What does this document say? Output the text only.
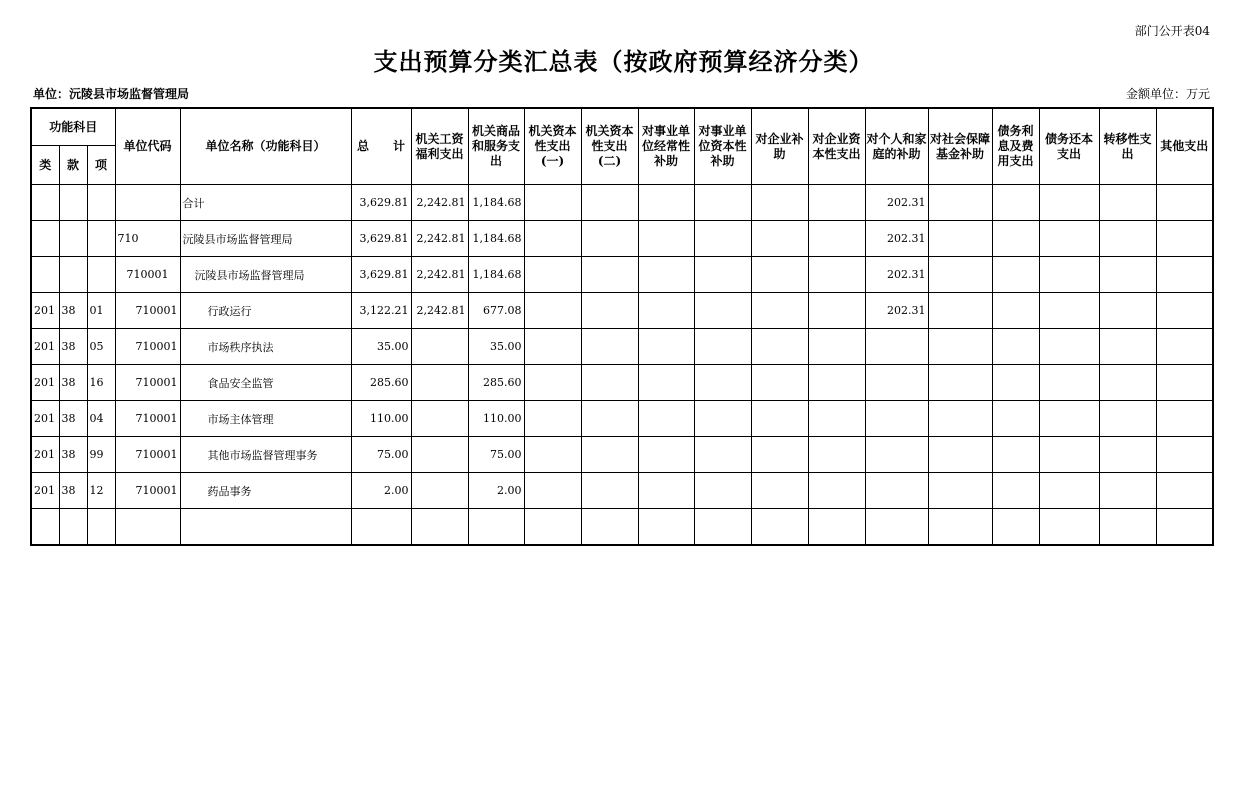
部门公开表04
支出预算分类汇总表（按政府预算经济分类）
单位：沅陵县市场监督管理局	金额单位：万元
功能科目			单位代码	单位名称（功能科目）	总　　计	机关工资福利支出	机关商品和服务支出	机关资本性支出(一)	机关资本性支出(二)	对事业单位经常性补助	对事业单位资本性补助	对企业补助	对企业资本性支出	对个人和家庭的补助	对社会保障基金补助	债务利息及费用支出	债务还本支出	转移性支出	其他支出
类	款	项																	
				合计	3,629.81	2,242.81	1,184.68							202.31					
			710	沅陵县市场监督管理局	3,629.81	2,242.81	1,184.68							202.31					
			710001	沅陵县市场监督管理局	3,629.81	2,242.81	1,184.68							202.31					
201	38	01	710001	行政运行	3,122.21	2,242.81	677.08							202.31					
201	38	05	710001	市场秩序执法	35.00		35.00												
201	38	16	710001	食品安全监管	285.60		285.60												
201	38	04	710001	市场主体管理	110.00		110.00												
201	38	99	710001	其他市场监督管理事务	75.00		75.00												
201	38	12	710001	药品事务	2.00		2.00												
